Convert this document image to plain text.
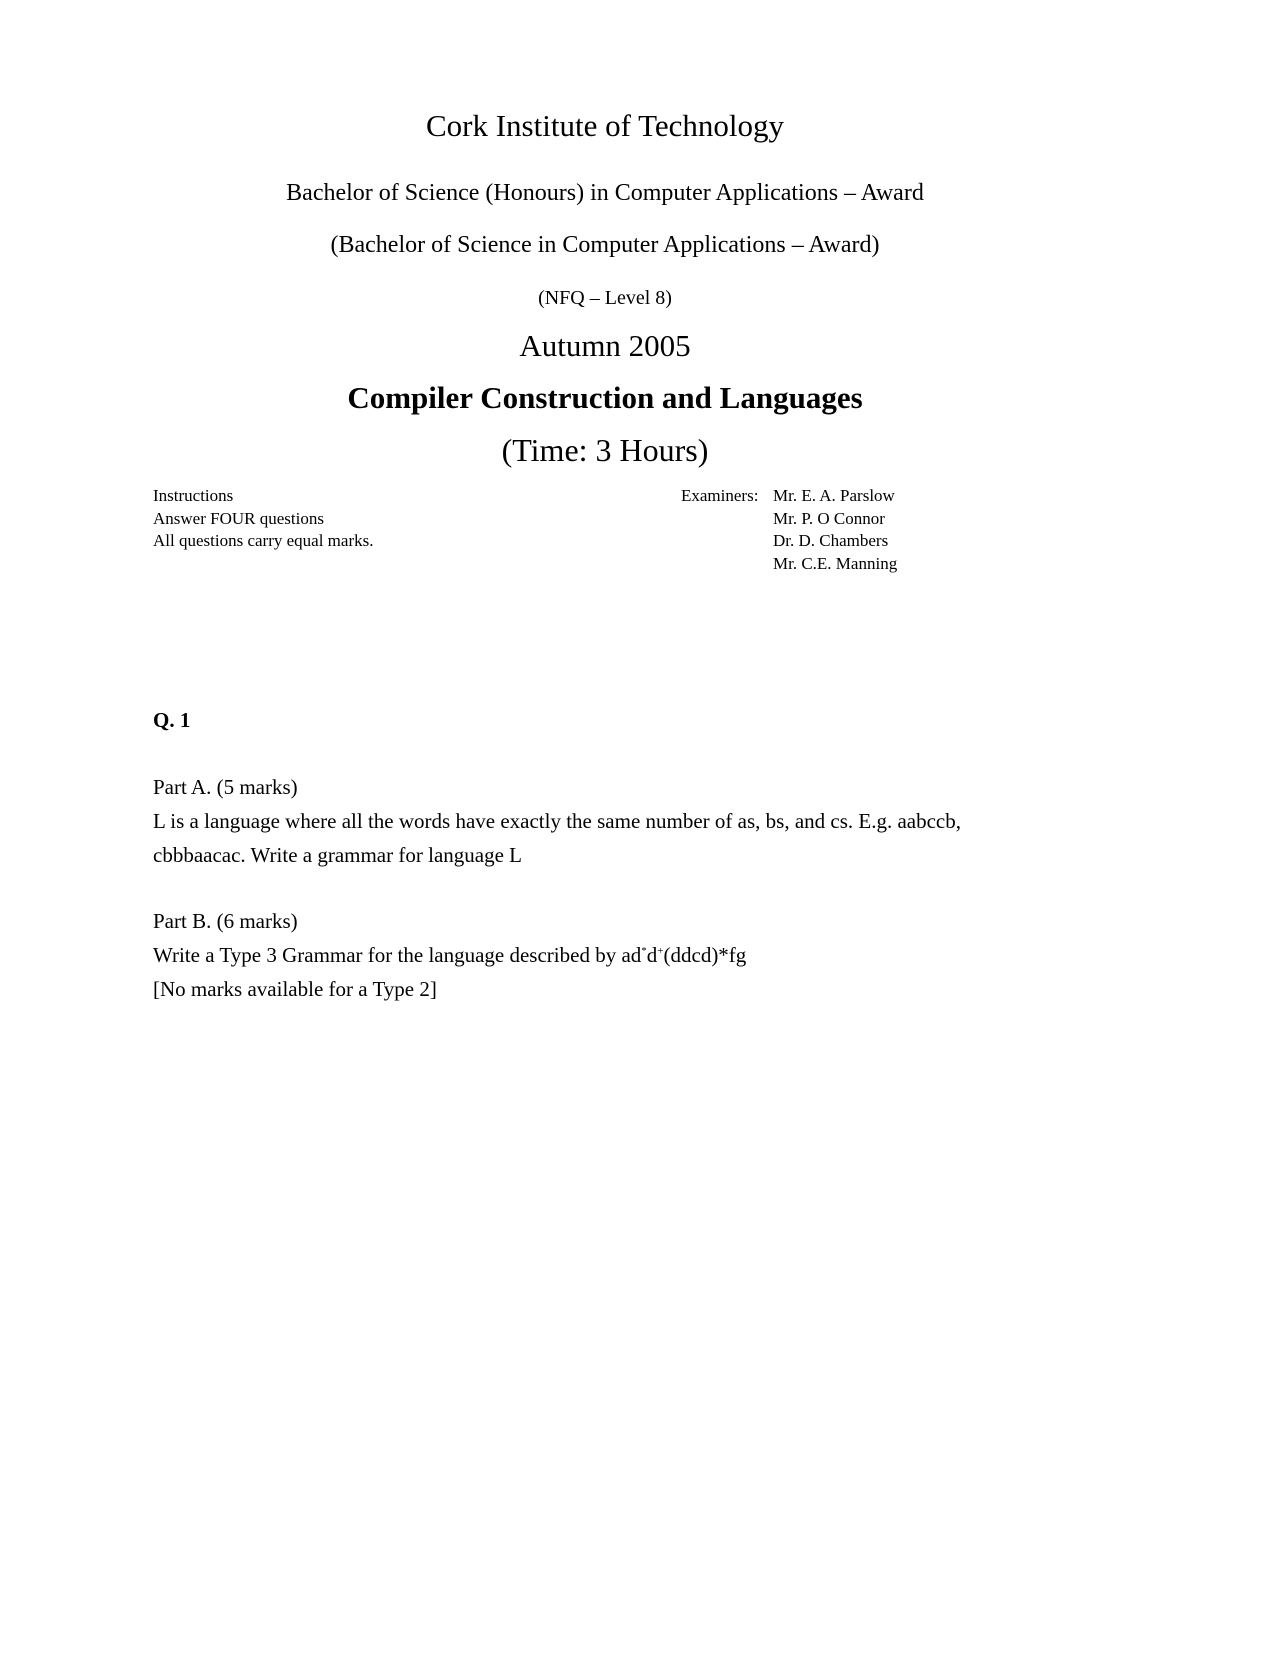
Cork Institute of Technology
Bachelor of Science (Honours) in Computer Applications – Award
(Bachelor of Science in Computer Applications – Award)
(NFQ – Level 8)
Autumn 2005
Compiler Construction and Languages
(Time: 3 Hours)
Instructions
Answer FOUR questions
All questions carry equal marks.
Examiners: Mr. E. A. Parslow
Mr. P. O Connor
Dr. D. Chambers
Mr. C.E. Manning
Q. 1
Part A. (5 marks)
L is a language where all the words have exactly the same number of as, bs, and cs. E.g. aabccb,
cbbbaacac. Write a grammar for language L
Part B. (6 marks)
Write a Type 3 Grammar for the language described by ad*d+(ddcd)*fg
[No marks available for a Type 2]
